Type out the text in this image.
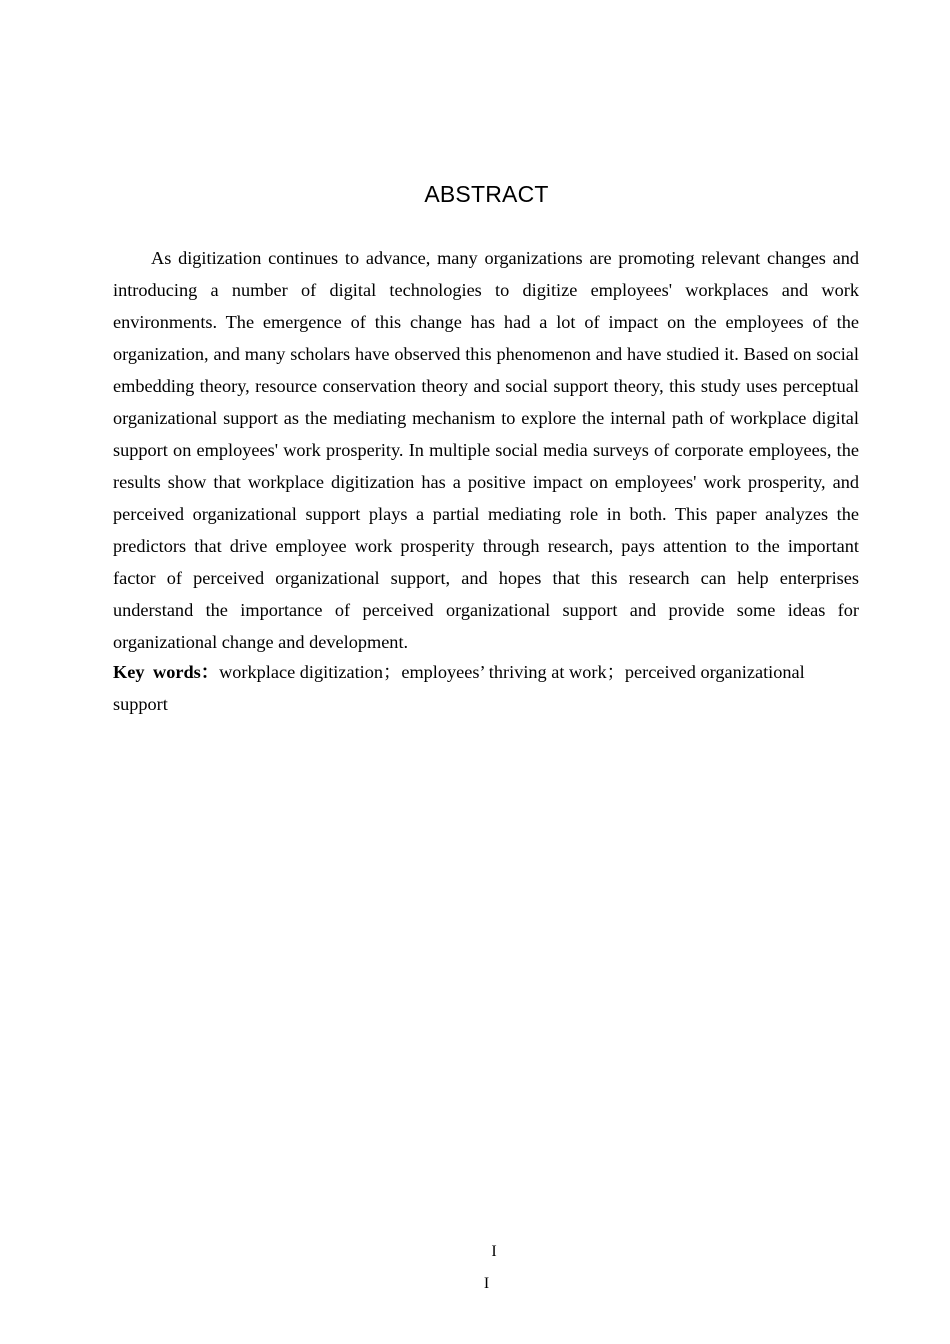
ABSTRACT

As digitization continues to advance, many organizations are promoting relevant changes and introducing a number of digital technologies to digitize employees' workplaces and work environments. The emergence of this change has had a lot of impact on the employees of the organization, and many scholars have observed this phenomenon and have studied it. Based on social embedding theory, resource conservation theory and social support theory, this study uses perceptual organizational support as the mediating mechanism to explore the internal path of workplace digital support on employees' work prosperity. In multiple social media surveys of corporate employees, the results show that workplace digitization has a positive impact on employees' work prosperity, and perceived organizational support plays a partial mediating role in both. This paper analyzes the predictors that drive employee work prosperity through research, pays attention to the important factor of perceived organizational support, and hopes that this research can help enterprises understand the importance of perceived organizational support and provide some ideas for organizational change and development.

Key words：workplace digitization；employees’ thriving at work；perceived organizational support

I
I
